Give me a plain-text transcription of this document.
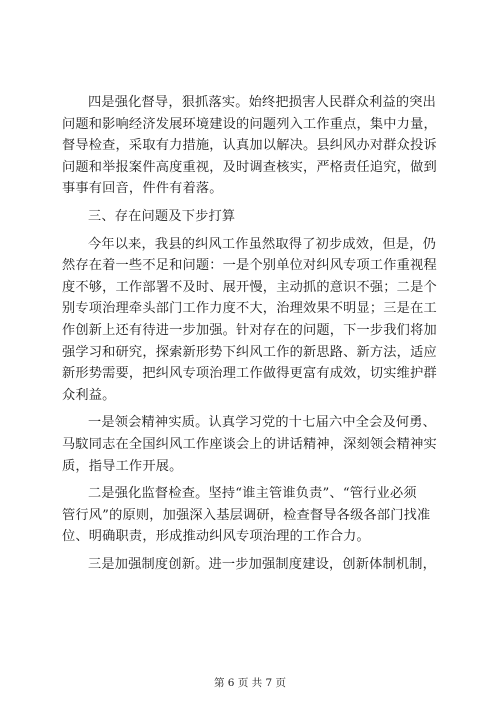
四是强化督导，狠抓落实。始终把损害人民群众利益的突出
问题和影响经济发展环境建设的问题列入工作重点，集中力量，
督导检查，采取有力措施，认真加以解决。县纠风办对群众投诉
问题和举报案件高度重视，及时调查核实，严格责任追究，做到
事事有回音，件件有着落。
三、存在问题及下步打算
今年以来，我县的纠风工作虽然取得了初步成效，但是，仍
然存在着一些不足和问题：一是个别单位对纠风专项工作重视程
度不够，工作部署不及时、展开慢，主动抓的意识不强；二是个
别专项治理牵头部门工作力度不大，治理效果不明显；三是在工
作创新上还有待进一步加强。针对存在的问题，下一步我们将加
强学习和研究，探索新形势下纠风工作的新思路、新方法，适应
新形势需要，把纠风专项治理工作做得更富有成效，切实维护群
众利益。
一是领会精神实质。认真学习党的十七届六中全会及何勇、
马馼同志在全国纠风工作座谈会上的讲话精神，深刻领会精神实
质，指导工作开展。
二是强化监督检查。坚持“谁主管谁负责”、“管行业必须
管行风”的原则，加强深入基层调研，检查督导各级各部门找准
位、明确职责，形成推动纠风专项治理的工作合力。
三是加强制度创新。进一步加强制度建设，创新体制机制，
第 6 页 共 7 页
